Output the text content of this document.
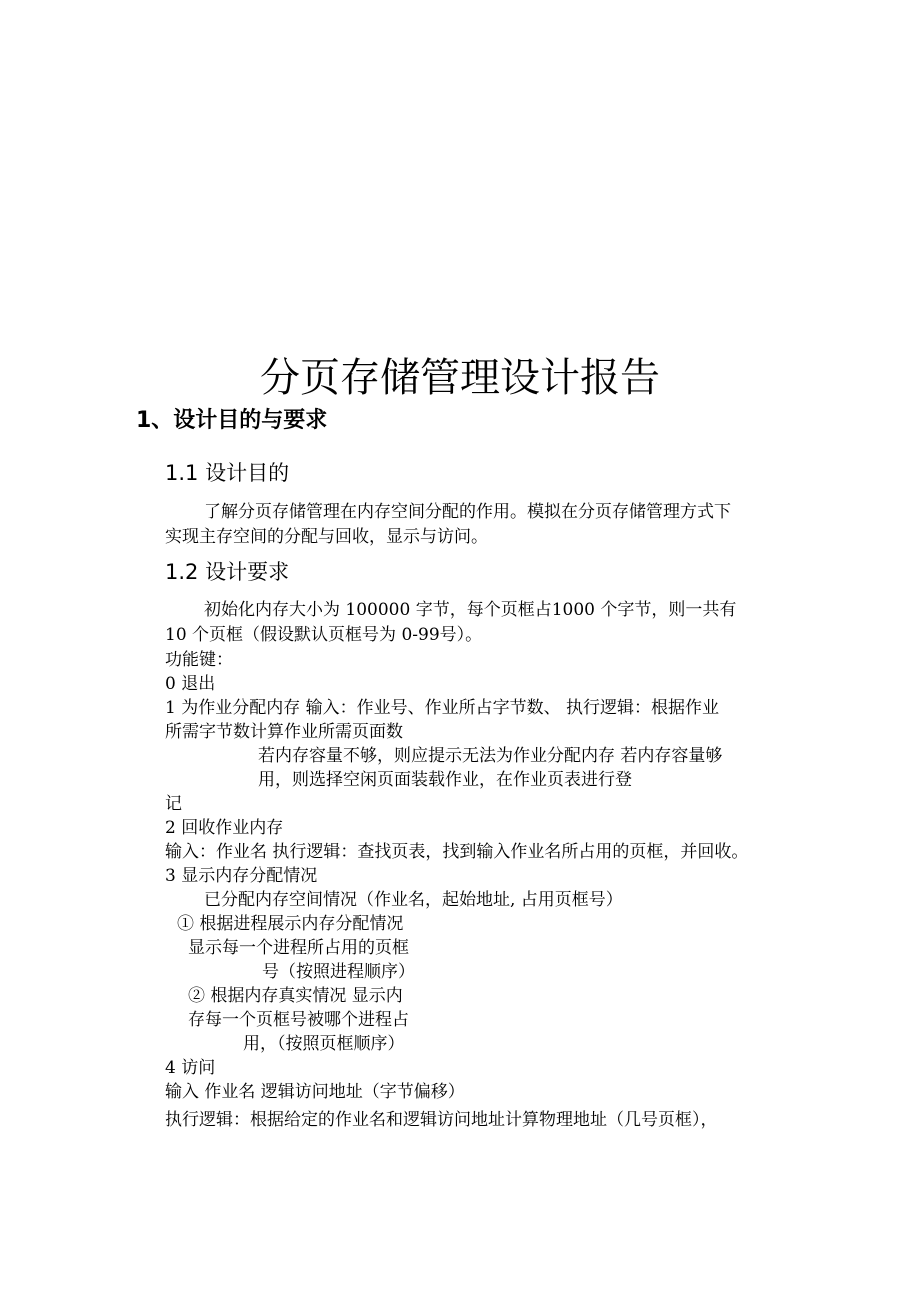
分页存储管理设计报告
1、设计目的与要求
1.1 设计目的
了解分页存储管理在内存空间分配的作用。模拟在分页存储管理方式下
实现主存空间的分配与回收，显示与访问。
1.2 设计要求
初始化内存大小为 100000 字节，每个页框占1000 个字节，则一共有
10 个页框（假设默认页框号为 0-99号）。
功能键：
0 退出
1 为作业分配内存 输入：作业号、作业所占字节数、 执行逻辑：根据作业
所需字节数计算作业所需页面数
若内存容量不够，则应提示无法为作业分配内存 若内存容量够
用，则选择空闲页面装载作业，在作业页表进行登
记
2 回收作业内存
输入：作业名 执行逻辑：查找页表，找到输入作业名所占用的页框，并回收。
3 显示内存分配情况
已分配内存空间情况（作业名，起始地址, 占用页框号）
① 根据进程展示内存分配情况
显示每一个进程所占用的页框
号（按照进程顺序）
② 根据内存真实情况 显示内
存每一个页框号被哪个进程占
用，（按照页框顺序）
4 访问
输入 作业名 逻辑访问地址（字节偏移）
执行逻辑：根据给定的作业名和逻辑访问地址计算物理地址（几号页框），
